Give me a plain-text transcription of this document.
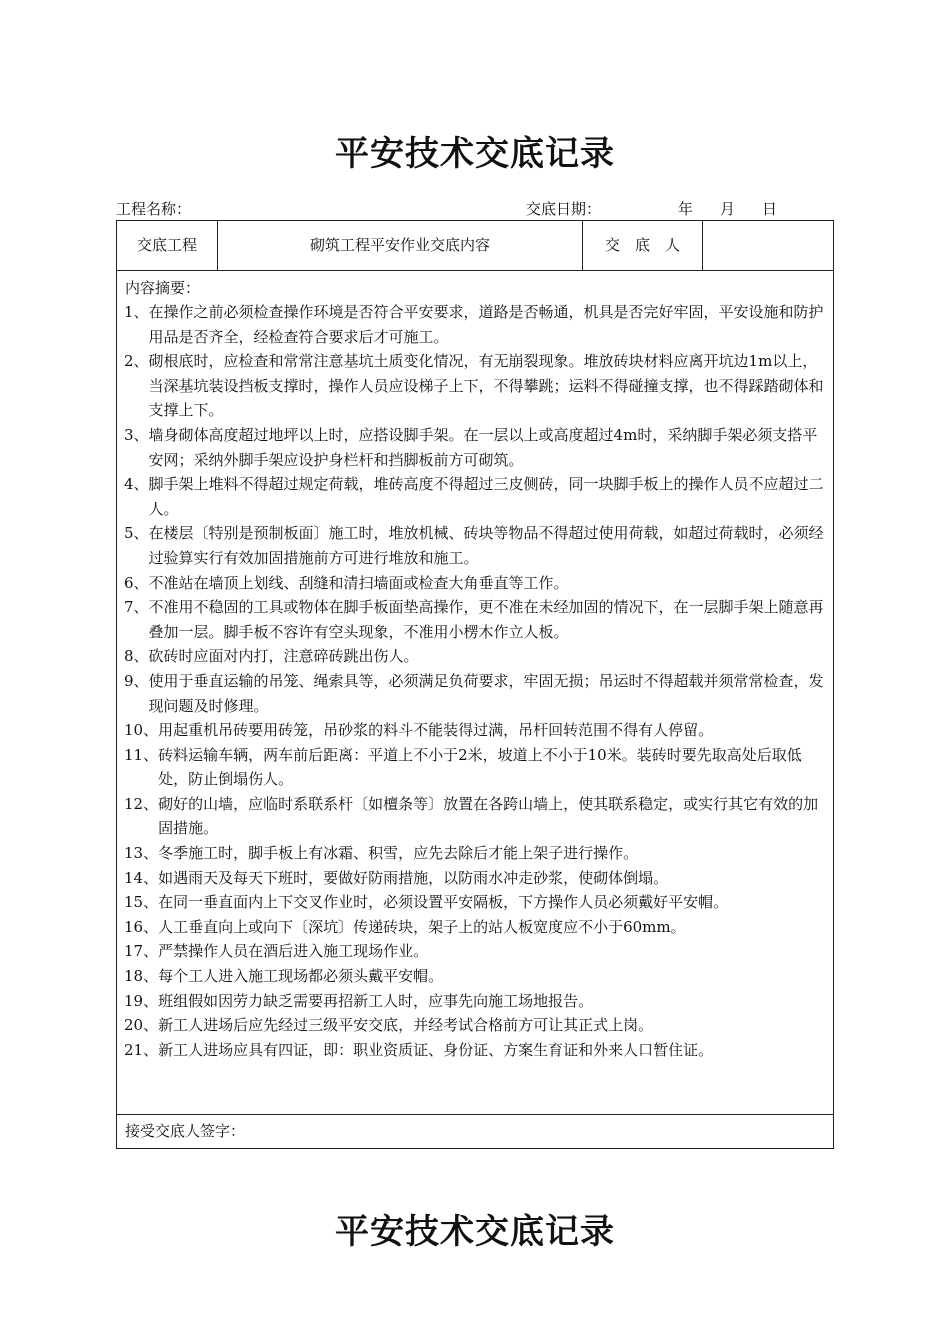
平安技术交底记录
工程名称：	交底日期：	年 月 日
交底工程	砌筑工程平安作业交底内容	交　底　人
内容摘要：
1、 在操作之前必须检查操作环境是否符合平安要求，道路是否畅通，机具是否完好牢固，平安设施和防护用品是否齐全，经检查符合要求后才可施工。
2、 砌根底时，应检查和常常注意基坑土质变化情况，有无崩裂现象。堆放砖块材料应离开坑边1m以上，当深基坑装设挡板支撑时，操作人员应设梯子上下，不得攀跳；运料不得碰撞支撑，也不得踩踏砌体和支撑上下。
3、 墙身砌体高度超过地坪以上时，应搭设脚手架。在一层以上或高度超过4m时，采纳脚手架必须支搭平安网；采纳外脚手架应设护身栏杆和挡脚板前方可砌筑。
4、 脚手架上堆料不得超过规定荷载，堆砖高度不得超过三皮侧砖，同一块脚手板上的操作人员不应超过二人。
5、 在楼层〔特别是预制板面〕施工时，堆放机械、砖块等物品不得超过使用荷载，如超过荷载时，必须经过验算实行有效加固措施前方可进行堆放和施工。
6、 不准站在墙顶上划线、刮缝和清扫墙面或检查大角垂直等工作。
7、 不准用不稳固的工具或物体在脚手板面垫高操作，更不准在未经加固的情况下，在一层脚手架上随意再叠加一层。脚手板不容许有空头现象，不准用小楞木作立人板。
8、 砍砖时应面对内打，注意碎砖跳出伤人。
9、 使用于垂直运输的吊笼、绳索具等，必须满足负荷要求，牢固无损；吊运时不得超载并须常常检查，发现问题及时修理。
10、 用起重机吊砖要用砖笼，吊砂浆的料斗不能装得过满，吊杆回转范围不得有人停留。
11、 砖料运输车辆，两车前后距离：平道上不小于2米，坡道上不小于10米。装砖时要先取高处后取低处，防止倒塌伤人。
12、 砌好的山墙，应临时系联系杆〔如檀条等〕放置在各跨山墙上，使其联系稳定，或实行其它有效的加固措施。
13、 冬季施工时，脚手板上有冰霜、积雪，应先去除后才能上架子进行操作。
14、 如遇雨天及每天下班时，要做好防雨措施，以防雨水冲走砂浆，使砌体倒塌。
15、 在同一垂直面内上下交叉作业时，必须设置平安隔板，下方操作人员必须戴好平安帽。
16、 人工垂直向上或向下〔深坑〕传递砖块，架子上的站人板宽度应不小于60mm。
17、 严禁操作人员在酒后进入施工现场作业。
18、 每个工人进入施工现场都必须头戴平安帽。
19、 班组假如因劳力缺乏需要再招新工人时，应事先向施工场地报告。
20、 新工人进场后应先经过三级平安交底，并经考试合格前方可让其正式上岗。
21、 新工人进场应具有四证，即：职业资质证、身份证、方案生育证和外来人口暂住证。
接受交底人签字：
平安技术交底记录
